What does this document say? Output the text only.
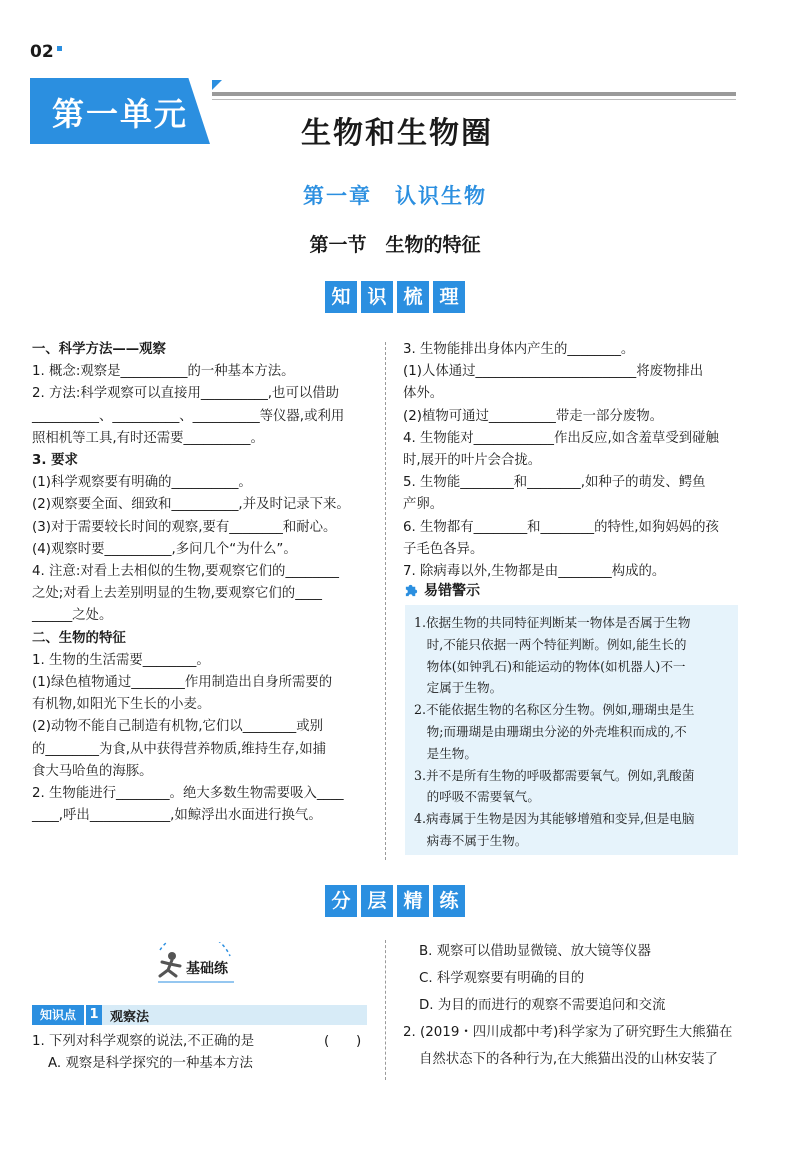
02
第一单元
生物和生物圈
第一章　认识生物
第一节　生物的特征
知 识 梳 理
一、科学方法——观察
1. 概念:观察是__________的一种基本方法。
2. 方法:科学观察可以直接用__________,也可以借助
__________、__________、__________等仪器,或利用
照相机等工具,有时还需要__________。
3. 要求
(1)科学观察要有明确的__________。
(2)观察要全面、细致和__________,并及时记录下来。
(3)对于需要较长时间的观察,要有________和耐心。
(4)观察时要__________,多问几个“为什么”。
4. 注意:对看上去相似的生物,要观察它们的________
之处;对看上去差别明显的生物,要观察它们的____
______之处。
二、生物的特征
1. 生物的生活需要________。
(1)绿色植物通过________作用制造出自身所需要的
有机物,如阳光下生长的小麦。
(2)动物不能自己制造有机物,它们以________或别
的________为食,从中获得营养物质,维持生存,如捕
食大马哈鱼的海豚。
2. 生物能进行________。绝大多数生物需要吸入____
____,呼出____________,如鲸浮出水面进行换气。
3. 生物能排出身体内产生的________。
(1)人体通过________________________将废物排出
体外。
(2)植物可通过__________带走一部分废物。
4. 生物能对____________作出反应,如含羞草受到碰触
时,展开的叶片会合拢。
5. 生物能________和________,如种子的萌发、鳄鱼
产卵。
6. 生物都有________和________的特性,如狗妈妈的孩
子毛色各异。
7. 除病毒以外,生物都是由________构成的。
易错警示
1.依据生物的共同特征判断某一物体是否属于生物
　时,不能只依据一两个特征判断。例如,能生长的
　物体(如钟乳石)和能运动的物体(如机器人)不一
　定属于生物。
2.不能依据生物的名称区分生物。例如,珊瑚虫是生
　物;而珊瑚是由珊瑚虫分泌的外壳堆积而成的,不
　是生物。
3.并不是所有生物的呼吸都需要氧气。例如,乳酸菌
　的呼吸不需要氧气。
4.病毒属于生物是因为其能够增殖和变异,但是电脑
　病毒不属于生物。
分 层 精 练
基础练
知识点	1 观察法
1. 下列对科学观察的说法,不正确的是	(　　)
A. 观察是科学探究的一种基本方法
B. 观察可以借助显微镜、放大镜等仪器
C. 科学观察要有明确的目的
D. 为目的而进行的观察不需要追问和交流
2. (2019・四川成都中考)科学家为了研究野生大熊猫在
自然状态下的各种行为,在大熊猫出没的山林安装了
